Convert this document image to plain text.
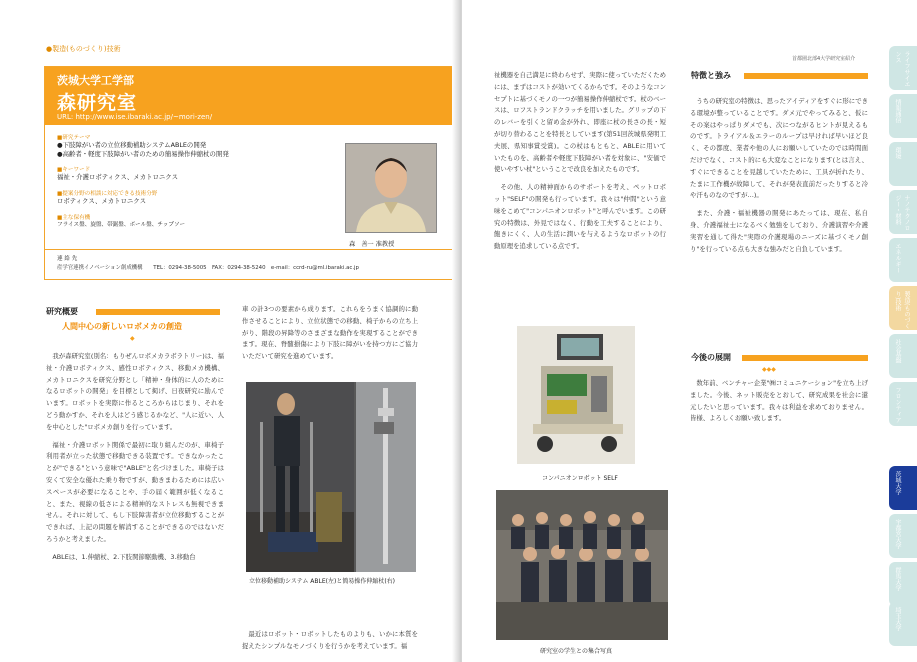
●製造(ものづくり)技術
茨城大学工学部
森研究室
URL: http://www.ise.ibaraki.ac.jp/~mori-zen/
■研究テーマ
●下肢障がい者の立位移動補助システムABLEの開発
●高齢者・軽度下肢障がい者のための簡易操作伸縮杖の開発
■キーワード
福祉・介護ロボティクス、メカトロニクス
■提案分野の相談に対応できる技術分野
ロボティクス、メカトロニクス
■主な保有機
フライス盤、旋盤、帯鋸盤、ボール盤、チップソー
森　善一 准教授
連 絡 先
産学官連携イノベーション創成機構　　TEL：0294-38-5005　FAX：0294-38-5240　e-mail：ccrd-ru@ml.ibaraki.ac.jp
研究概要
人間中心の新しいロボメカの創造
◆

我が森研究室(別名：もりぜんロボメカラボラトリー)は、福祉・介護ロボティクス、感性ロボティクス、移動メカ機構、メカトロニクスを研究分野とし「精神・身体的に人のためになるロボットの開発」を目標として掲げ、日夜研究に励んでいます。ロボットを実際に作るところからはじまり、それをどう動かすか、それを人はどう感じるかなど、"人に近い、人を中心とした"ロボメカ創りを行っています。

福祉・介護ロボット関係で最初に取り組んだのが、車椅子利用者が立った状態で移動できる装置です。できなかったことが"できる"という意味で"ABLE"と名づけました。車椅子は安くて安全な優れた乗り物ですが、動きまわるためには広いスペースが必要になることや、手の届く範囲が低くなること、また、視線の低さによる精神的なストレスも無視できません。それに対して、もし下肢障害者が立位移動することができれば、上記の問題を解消することができるのではないだろうかと考えました。

ABLEは、1.伸縮杖、2.下肢関節駆動機、3.移動台

車 の計3つの要素から成ります。これらをうまく協調的に動作させることにより、立位状態での移動、椅子からの立ち上がり、階段の昇降等のさまざまな動作を実現することができます。現在、脊髄損傷により下肢に障がいを持つ方にご協力いただいて研究を進めています。

立位移動補助システム ABLE(左)と簡易操作伸縮杖(右)

最近はロボット・ロボットしたものよりも、いかに本質を捉えたシンプルなモノづくりを行うかを考えています。福

首都圏北部4大学研究室紹介

祉機器を自己満足に終わらせず、実際に使っていただくためには、まずはコストが効いてくるからです。そのようなコンセプトに基づくモノの一つが簡易操作伸縮杖です。杖のベースは、ロフストランドクラッチを用いました。グリップの下のレバーを引くと留め金が外れ、即座に杖の長さの長・短が切り替わることを特長としています(第51回茨城県発明工夫展、県知事賞受賞)。この杖はもともと、ABLEに用いていたものを、高齢者や軽度下肢障がい者を対象に、"安価で使いやすい杖"ということで改良を加えたものです。

その他、人の精神面からのサポートを考え、ペットロボット"SELF"の開発も行っています。我々は"仲間"という意味をこめて"コンパニオンロボット"と呼んでいます。この研究の特徴は、外見ではなく、行動を工夫することにより、飽きにくく、人の生活に潤いを与えるようなロボットの行動原理を追求している点です。

コンパニオンロボット SELF
研究室の学生との集合写真
特徴と強み

うちの研究室の特徴は、思ったアイディアをすぐに形にできる環境が整っていることです。ダメ元でやってみると、仮にその案はやっぱりダメでも、次につながるヒントが見えるものです。トライアル＆エラーのループは早ければ早いほど良く、その都度、業者や他の人にお願いしていたのでは時間面だけでなく、コスト的にも大変なことになります(とは言え、すぐにできることを見越していたために、工具が折れたり、たまに工作機が故障して、それが発表直前だったりすると冷や汗ものなのですが…)。

また、介護・福祉機器の開発にあたっては、現在、私自身、介護福祉士になるべく勉強をしており、介護演習や介護実習を通して得た"実際の介護現場のニーズに基づくモノ創り"を行っている点も大きな強みだと自負しています。

今後の展開
◆◆◆

数年前、ベンチャー企業"㈱コミュニケーション"を立ち上げました。今後、ネット販売をとおして、研究成果を社会に還元したいと思っています。我々は利益を求めておりません。皆様、よろしくお願い致します。

ライフサイエンス
情報通信
環境
ナノテクノロジー・材料
エネルギー
製造(ものづくり)技術
社会基盤
フロンティア
茨城大学
宇都宮大学
群馬大学
埼玉大学
